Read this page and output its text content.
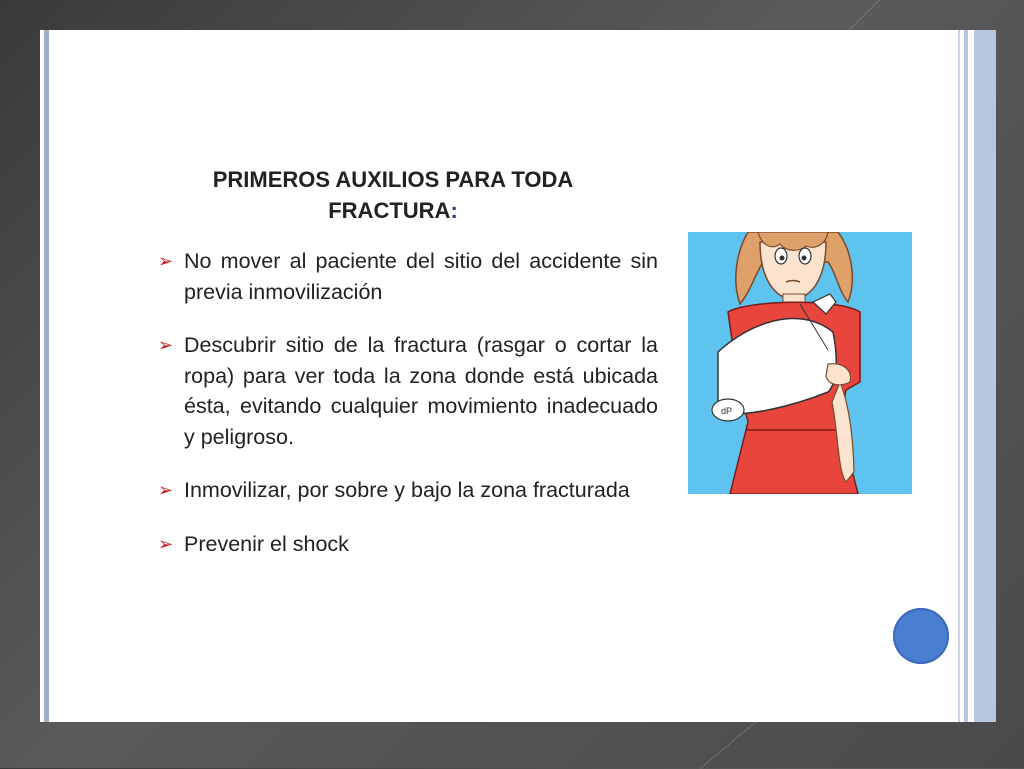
PRIMEROS AUXILIOS PARA TODA FRACTURA:
➢ No mover al paciente del sitio del accidente sin previa inmovilización
➢ Descubrir sitio de la fractura (rasgar o cortar la ropa) para ver toda la zona donde está ubicada ésta, evitando cualquier movimiento inadecuado y peligroso.
➢ Inmovilizar, por sobre y bajo la zona fracturada
➢ Prevenir el shock
dP
